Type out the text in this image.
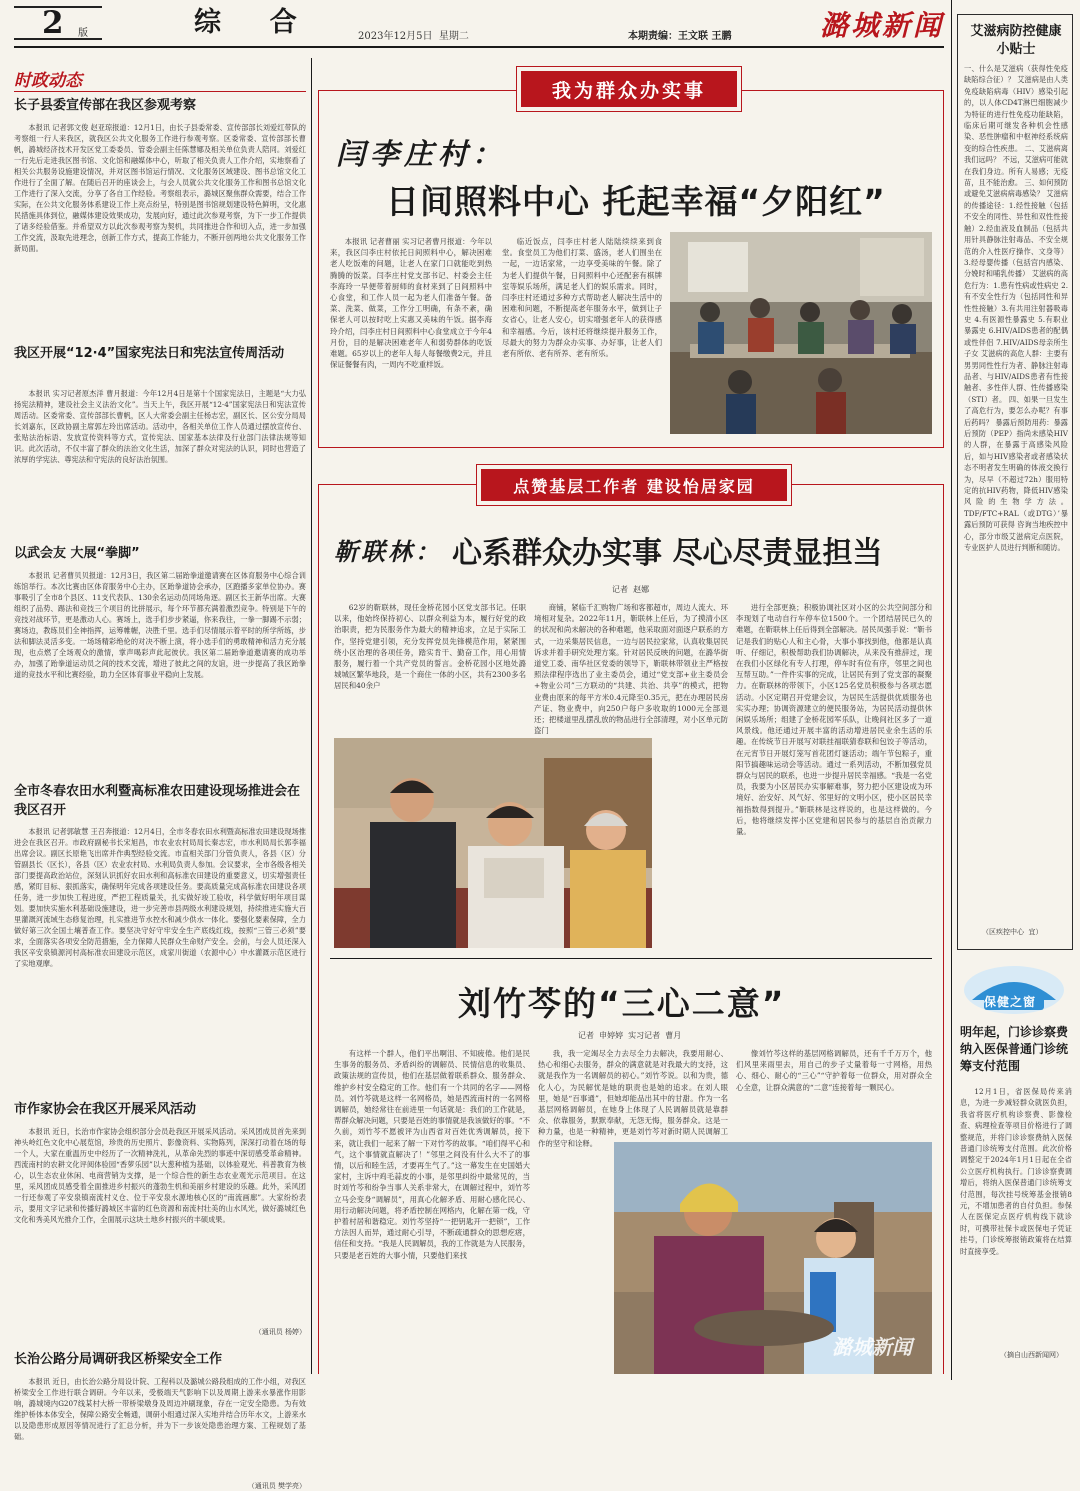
2 版	综  合	2023年12月5日  星期二	本期责编：王文联 王鹏	潞城新闻
时政动态
长子县委宣传部在我区参观考察
本报讯 记者郭文俊 赵亚琼报道：12月1日，由长子县委常委、宣传部部长刘爱红带队的考察组一行人来我区，就我区公共文化服务工作进行参观考察。区委常委、宣传部部长曹帆，潞城经济技术开发区党工委委员、管委会副主任陈慧娜及相关单位负责人陪同。刘爱红一行先后走进我区图书馆、文化馆和融媒体中心，听取了相关负责人工作介绍，实地察看了相关公共服务设施建设情况，并对区图书馆运行情况、文化服务区域建设、图书总馆文化工作进行了全面了解。在随后召开的座谈会上，与会人员就公共文化服务工作和图书总馆文化工作进行了深入交流，分享了各自工作经验。考察组表示，潞城区聚焦群众需要，结合工作实际，在公共文化服务体系建设工作上亮点纷呈，特别是图书馆规划建设特色鲜明，文化惠民措施具体到位，融媒体建设效果成功，发展向好，通过此次参观考察，为下一步工作提供了诸多经验借鉴。并希望双方以此次参观考察为契机，共同推进合作和切入点，进一步加强工作交流，汲取先进理念，创新工作方式，提高工作能力，不断开创两地公共文化服务工作新局面。
我区开展“12·4”国家宪法日和宪法宣传周活动
本报讯 实习记者原杰洋 曹月报道：今年12月4日是第十个国家宪法日，主题是“大力弘扬宪法精神，建设社会主义法治文化”。当天上午，我区开展“12·4”国家宪法日和宪法宣传周活动。区委常委、宣传部部长曹帆，区人大常委会副主任杨志宏，副区长、区公安分局局长刘嘉东，区政协副主席郭左玲出席活动。活动中，各相关单位工作人员通过摆放宣传台、张贴法治标语、发放宣传资料等方式，宣传宪法、国家基本法律及行业部门法律法规等知识。此次活动，不仅丰富了群众的法治文化生活，加深了群众对宪法的认识，同时也营造了浓厚的学宪法、尊宪法和守宪法的良好法治氛围。
以武会友 大展“拳脚”
本报讯 记者曹贝贝报道：12月3日，我区第二届跆拳道邀请赛在区体育服务中心综合训练馆举行。本次比赛由区体育服务中心主办，区跆拳道协会承办，区跑播多家单位协办。赛事吸引了全市8个县区、11支代表队、130余名运动员同场角逐。副区长王新华出席。大赛组织了品势、踢法和竞技三个项目的比拼展示，每个环节都充满着激烈竞争。特别是下午的竞技对战环节，更是激动人心。赛场上，选手们步步紧逼，你来我往，一拳一脚踢不示弱；赛场边，教练员们全神指挥，运筹帷幄，决胜千里。选手们尽情展示着平时的所学所练，步法和脚法灵活多变。一场场精彩绝伦的对决不断上演，将小选手们的勇敢精神和活力充分展现，也点燃了全场观众的激情，掌声喝彩声此起彼伏。我区第二届跆拳道邀请赛的成功举办，加强了跆拳道运动员之间的技术交流，增进了彼此之间的友谊，进一步提高了我区跆拳道的竞技水平和比赛经验，助力全区体育事业平稳向上发展。
全市冬春农田水利暨高标准农田建设现场推进会在我区召开
本报讯 记者郭敏慧 王召奔报道：12月4日，全市冬春农田水利暨高标准农田建设现场推进会在我区召开。市政府副秘书长宋旭昌，市农业农村局局长秦志宏，市水利局局长郭李福出席会议。副区长原艳飞出席并作典型经验交流。市直相关部门分管负责人，各县（区）分管副县长（区长），各县（区）农业农村局、水利局负责人参加。会议要求，全市各级各相关部门要提高政治站位，深刻认识抓好农田水利和高标准农田建设的重要意义，切实增强责任感，紧盯目标、狠抓落实，确保明年完成各项建设任务。要高质量完成高标准农田建设各项任务，进一步加快工程进度，严把工程质量关，扎实做好竣工验收，科学做好明年项目谋划。要加快实施水利基础设施建设，进一步完善市县两级水利建设规划，持续推进实施大百里灌溉河流域生态修复治理，扎实推进节水控水和减少供水一体化。要强化要素保障，全力做好第三次全国土壤普查工作。要坚决守好守牢安全生产底线红线，按照“三管三必须”要求，全面落实各项安全防范措施，全力保障人民群众生命财产安全。会前，与会人员还深入我区辛安泉镇源河村高标准农田建设示范区，成家川街道（农源中心）中水灌溉示范区进行了实地观摩。
市作家协会在我区开展采风活动
本报讯 近日，长治市作家协会组织部分会员赴我区开展采风活动。采风团成员首先来到神头岭红色文化中心展览馆，珍贵的历史照片、影像资料、实物陈列，深深打动着在场的每一个人，大家在重温历史中经历了一次精神洗礼，从革命先烈的事迹中深切感受革命精神。西流南村的农耕文化评阅体验园“香萝乐园”以大葱种植为基础，以体验观光、科普教育为核心，以生态农业休闲、电商营销为支撑，是一个综合性的新生态农业观光示范项目。在这里，采风团成员感受着全面推进乡村振兴的蓬勃生机和美丽乡村建设的乐趣。此外，采风团一行还参观了辛安泉镇南流村义仓、位于辛安泉水源地核心区的“南流画廊”。大家纷纷表示，要用文字记录和传播好潞城区丰富的红色资源和南流村壮美的山水风光，做好潞城红色文化和秀美风光推介工作，全面展示这块土地乡村振兴的丰硕成果。
（通讯员 杨婷）
长治公路分局调研我区桥梁安全工作
本报讯 近日，由长治公路分局设计院、工程科以及潞城公路段组成的工作小组，对我区桥梁安全工作进行联合调研。今年以来，受极端天气影响下以及周期上游来水暴涨作用影响，潞城境内G207线某村大桥一带桥梁墩身及周边冲刷现象，存在一定安全隐患。为有效维护桥体本体安全，保障公路安全畅通，调研小组通过深入实地并结合历年水文，上游来水以及隐患形成原因等情况进行了汇总分析，并为下一步该处隐患治理方案、工程规划了基础。
（通讯员 樊学亮）
我为群众办实事
闫李庄村：
日间照料中心 托起幸福“夕阳红”
本报讯 记者曹丽 实习记者曹月报道：今年以来，我区闫李庄村依托日间照料中心，解决困难老人吃饭难的问题，让老人在家门口就能吃到热腾腾的饭菜。闫李庄村党支部书记、村委会主任李海玲一早便带着厨师的食材来到了日间照料中心食堂，和工作人员一起为老人们准备午餐。备菜、洗菜、做菜，工作分工明确，有条不紊，确保老人可以按时吃上实惠又美味的午饭。据李海玲介绍，闫李庄村日间照料中心食堂成立于今年4月份，目的是解决困难老年人和弱势群体的吃饭难题。65岁以上的老年人每人每餐缴费2元，并且保证餐餐有肉，一周内不吃重样饭。
临近饭点，闫李庄村老人陆陆续续来到食堂。食堂员工为他们打菜、盛汤，老人们围坐在一起，一边话家常，一边享受美味的午餐。除了为老人们提供午餐，日间照料中心还配套有棋牌室等娱乐场所，满足老人们的娱乐需求。同时，闫李庄村还通过多种方式帮助老人解决生活中的困难和问题，不断提高老年服务水平，做到让子女省心，让老人安心，切实增强老年人的获得感和幸福感。今后，该村还将继续提升服务工作，尽最大的努力为群众办实事、办好事，让老人们老有所依、老有所养、老有所乐。
点赞基层工作者 建设怡居家园
靳联林： 心系群众办实事 尽心尽责显担当
记者  赵娜
62岁的靳联林，现任金桥花园小区党支部书记。任职以来，他始终保持初心、以群众利益为本，履行好党的政治职责，把为民服务作为最大的精神追求，立足于实际工作，坚持党建引领，充分发挥党员先锋模范作用，紧紧围绕小区治理的各项任务，踏实肯干、勤奋工作，用心用情服务，履行着一个共产党员的誓言。金桥花园小区地处潞城城区繁华地段，是一个商住一体的小区，共有2300多名居民和40余户
商铺，紧临千汇购物广场和客都超市，周边人流大、环境相对复杂。2022年11月，靳联林上任后，为了摸清小区的状况和尚未解决的各种难题，他采取面对面逐户联系的方式，一边采集居民信息，一边与居民拉家常，认真收集居民诉求并着手研究处理方案。针对居民反映的问题，在潞华街道党工委、南华社区党委的领导下，靳联林带领业主严格按照法律程序选出了业主委员会，通过“党支部+业主委员会+物业公司”三方联动的“共建、共治、共享”的模式，把物业费由原来的每平方米0.4元降至0.35元，把在办理居民房产证、物业费中，向250户每户多收取的1000元全部退还；把楼道里乱摆乱放的物品进行全部清理，对小区单元防盗门
进行全部更换；积极协调社区对小区的公共空间部分和李现划了电动自行车停车位1500个。一个团结居民已久的难题，在靳联林上任后得到全部解决。居民凤强手说：“靳书记是我们的贴心人和主心骨，大事小事找到他，他都是认真听、仔细记，积极帮助我们协调解决，从来没有推辞过，现在我们小区绿化有专人打理，停车时有位有序，邻里之间也互帮互助。”一件件实事的完成，让居民有到了党支部的凝聚力。在靳联林的带领下，小区125名党员积极参与各项志愿活动。小区定期召开党建会议，为居民生活提供优质服务也实实办理；协调资源建立的便民服务站，为居民活动提供休闲娱乐场所；组建了金桥花园军乐队，让晚间社区多了一道风景线。他还通过开展丰富的活动增进居民业余生活的乐趣。在传统节日开展写对联挂福联猜春联和包饺子等活动，在元宵节日开展灯笼写首花团灯谜活动；端午节包粽子，重阳节搞趣味运动会等活动。通过一系列活动，不断加强党员群众与居民的联系，也进一步提升居民幸福感。“我是一名党员，我要为小区居民办实事解难事，努力把小区建设成为环境好、治安好、风气好、邻里好的文明小区，使小区居民幸福指数得到提升。”靳联林是这样说的，也是这样做的。今后，他将继续发挥小区党建和居民参与的基层自治贡献力量。
刘竹芩的“三心二意”
记者  申婷婷  实习记者  曹月
有这样一个群人，他们平出啊泪、不知疲倦。他们是民生事务的服务员、矛盾纠纷的调解员、民情信息的收集员、政策法规的宣传员，他们在基层做着联系群众、服务群众、维护乡村安全稳定的工作。他们有一个共同的名字——网格员。刘竹芩就是这样一名网格员，她是西流南村的一名网格调解员，她经常往在前进里一句话就是：我们的工作就是，帮群众解决问题，只要是百姓的事情就是我该做好的事。“不久前，刘竹芩不愿被评为山西省对百姓优秀调解员，接下来，就让我们一起来了解一下对竹芩的故事。“咱们得平心和气，这个事情就直解决了！”邻里之间没有什么大不了的事情，以后和睦生活，才要再生气了。”这一幕发生在史国婚大家村，主诉中鸡毛蒜皮的小事，是邻里纠纷中最常见的，当时刘竹芩和纷争当事人关系非常大，在调解过程中，刘竹芩立马会变身“调解员”，用真心化解矛盾、用耐心感化民心、用行动解决问题，将矛盾控制在网格内，化解在第一线，守护着村居和谐稳定。刘竹芩坚持“一把钥匙开一把锁”，工作方法因人而异，通过耐心引导，不断疏通群众的思想疙瘩，信任和支持。“我是人民调解员，我的工作就是为人民服务，只要是老百姓的大事小情，只要他们来找
我，我一定竭尽全力去尽全力去解决，我要用耐心、热心和细心去服务，群众的满意就是对我最大的支持，这就是我作为一名调解员的初心。”刘竹芩说。以和为贵，德化人心，为民解忧是她的职责也是她的追求。在刘人眼里，她是“百事通”，但她却能品出其中的甘甜。作为一名基层网格调解员，在她身上体现了人民调解员就是靠群众、依靠服务，默默奉献，无怨无悔，服务群众。这是一种力量，也是一种精神，更是刘竹芩对新时期人民调解工作的坚守和诠释。
像刘竹芩这样的基层网格调解员，还有千千万万个，他们风里来雨里去，用自己的步子丈量着每一寸网格，用热心、细心、耐心的“三心”“守护着每一位群众，用对群众全心全意，让群众满意的“二意”连接着每一颗民心。
潞城新闻
艾滋病防控健康小贴士
一、什么是艾滋病（获得性免疫缺陷综合征）？ 艾滋病是由人类免疫缺陷病毒（HIV）感染引起的，以人体CD4T淋巴细胞减少为特征的进行性免疫功能缺陷，临床后期可继发各种机会性感染、恶性肿瘤和中枢神经系统病变的综合性疾患。 二、艾滋病离我们远吗？ 不远，艾滋病可能就在我们身边。所有人易感；无疫苗，且不能治愈。 三、如何预防或避免艾滋病病毒感染？ 艾滋病的传播途径：1.经性接触（包括不安全的同性、异性和双性性接触）2.经血液及血制品（包括共用针具静脉注射毒品、不安全规范的介入性医疗操作、文身等）3.经母婴传播（包括宫内感染、分娩时和哺乳传播） 艾滋病的高危行为：1.患有性病或性病史 2.有不安全性行为（包括同性和异性性接触）3.有共用注射器吸毒史 4.有医源性暴露史 5.有职业暴露史 6.HIV/AIDS患者的配偶或性伴侣 7.HIV/AIDS母亲所生子女 艾滋病的高危人群：主要有男男同性性行为者、静脉注射毒品者、与HIV/AIDS患者有性接触者、多性伴人群、性传播感染（STI）者。 四、如果一旦发生了高危行为，要怎么办呢？有事后药吗？ 暴露后预防用药：暴露后预防（PEP）指尚未感染HIV的人群，在暴露于高感染风险后，如与HIV感染者或者感染状态不明者发生明确的体液交换行为，尽早（不超过72h）服用特定的抗HIV药物，降低HIV感染风险的生物学方法。TDF/FTC+RAL（或DTG）’暴露后预防可获得 咨询当地疾控中心，部分市级艾滋病定点医院，专业医护人员进行判断和随访。
（区疾控中心  宜）
保健之窗
明年起，门诊诊察费纳入医保普通门诊统筹支付范围
12月1日，省医保局传来消息，为进一步减轻群众就医负担，我省将医疗机构诊察费、影像检查、病理检查等项目价格进行了调整规范，并将门诊诊察费纳入医保普通门诊统筹支付范围。此次价格调整定于2024年1月1日起在全省公立医疗机构执行。门诊诊察费调增后，将纳入医保普通门诊统筹支付范围，每次挂号统筹基金报销8元，不增加患者的自付负担。参保人在医保定点医疗机构线下就诊时，可携带社保卡或医保电子凭证挂号，门诊统筹报销政策将在结算时直接享受。
（摘自山西新闻网）
